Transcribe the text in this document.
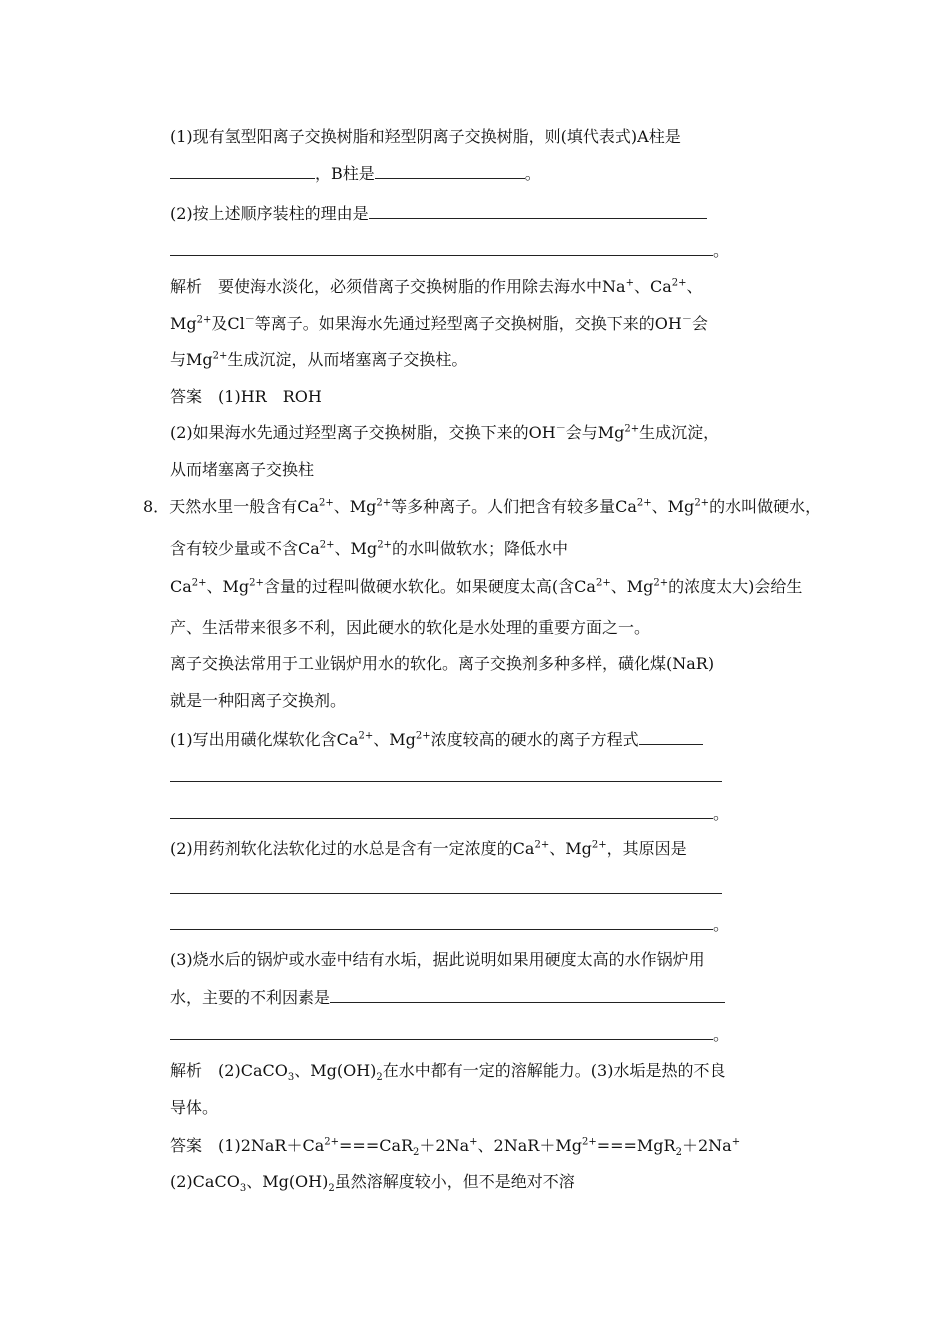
(1)现有氢型阳离子交换树脂和羟型阴离子交换树脂，则(填代表式)A柱是
，B柱是	。
(2)按上述顺序装柱的理由是
。
解析　 要使海水淡化，必须借离子交换树脂的作用除去海水中Na+、$Ca^{2+}$、
$Mg^{2+}$及Cl－等离子。如果海水先通过羟型离子交换树脂，交换下来的OH－会
与$Mg^{2+}$生成沉淀，从而堵塞离子交换柱。
答案　 (1)HR　ROH
(2)如果海水先通过羟型离子交换树脂，交换下来的OH－会与$Mg^{2+}$生成沉淀，
从而堵塞离子交换柱
8．天然水里一般含有$Ca^{2+}$、$Mg^{2+}$等多种离子。人们把含有较多量$Ca^{2+}$、$Mg^{2+}$的水叫做硬水，
含有较少量或不含$Ca^{2+}$、$Mg^{2+}$的水叫做软水；降低水中
$Ca^{2+}$、$Mg^{2+}$含量的过程叫做硬水软化。如果硬度太高(含$Ca^{2+}$、$Mg^{2+}$的浓度太大)会给生
产、生活带来很多不利，因此硬水的软化是水处理的重要方面之一。
离子交换法常用于工业锅炉用水的软化。离子交换剂多种多样，磺化煤(NaR)
就是一种阳离子交换剂。
(1)写出用磺化煤软化含$Ca^{2+}$、$Mg^{2+}$浓度较高的硬水的离子方程式
。
(2)用药剂软化法软化过的水总是含有一定浓度的$Ca^{2+}$、$Mg^{2+}$，其原因是
。
(3)烧水后的锅炉或水壶中结有水垢，据此说明如果用硬度太高的水作锅炉用
水，主要的不利因素是
。
解析　 (2)CaCO$_3$、$Mg(OH)_2$在水中都有一定的溶解能力。(3)水垢是热的不良
导体。
答案　 $(1)2NaR+Ca^{2+}===CaR_2+2Na^+$、$2NaR+Mg^{2+}===MgR_2+2Na^+$
(2)CaCO$_3$、$Mg(OH)_2$虽然溶解度较小，但不是绝对不溶
